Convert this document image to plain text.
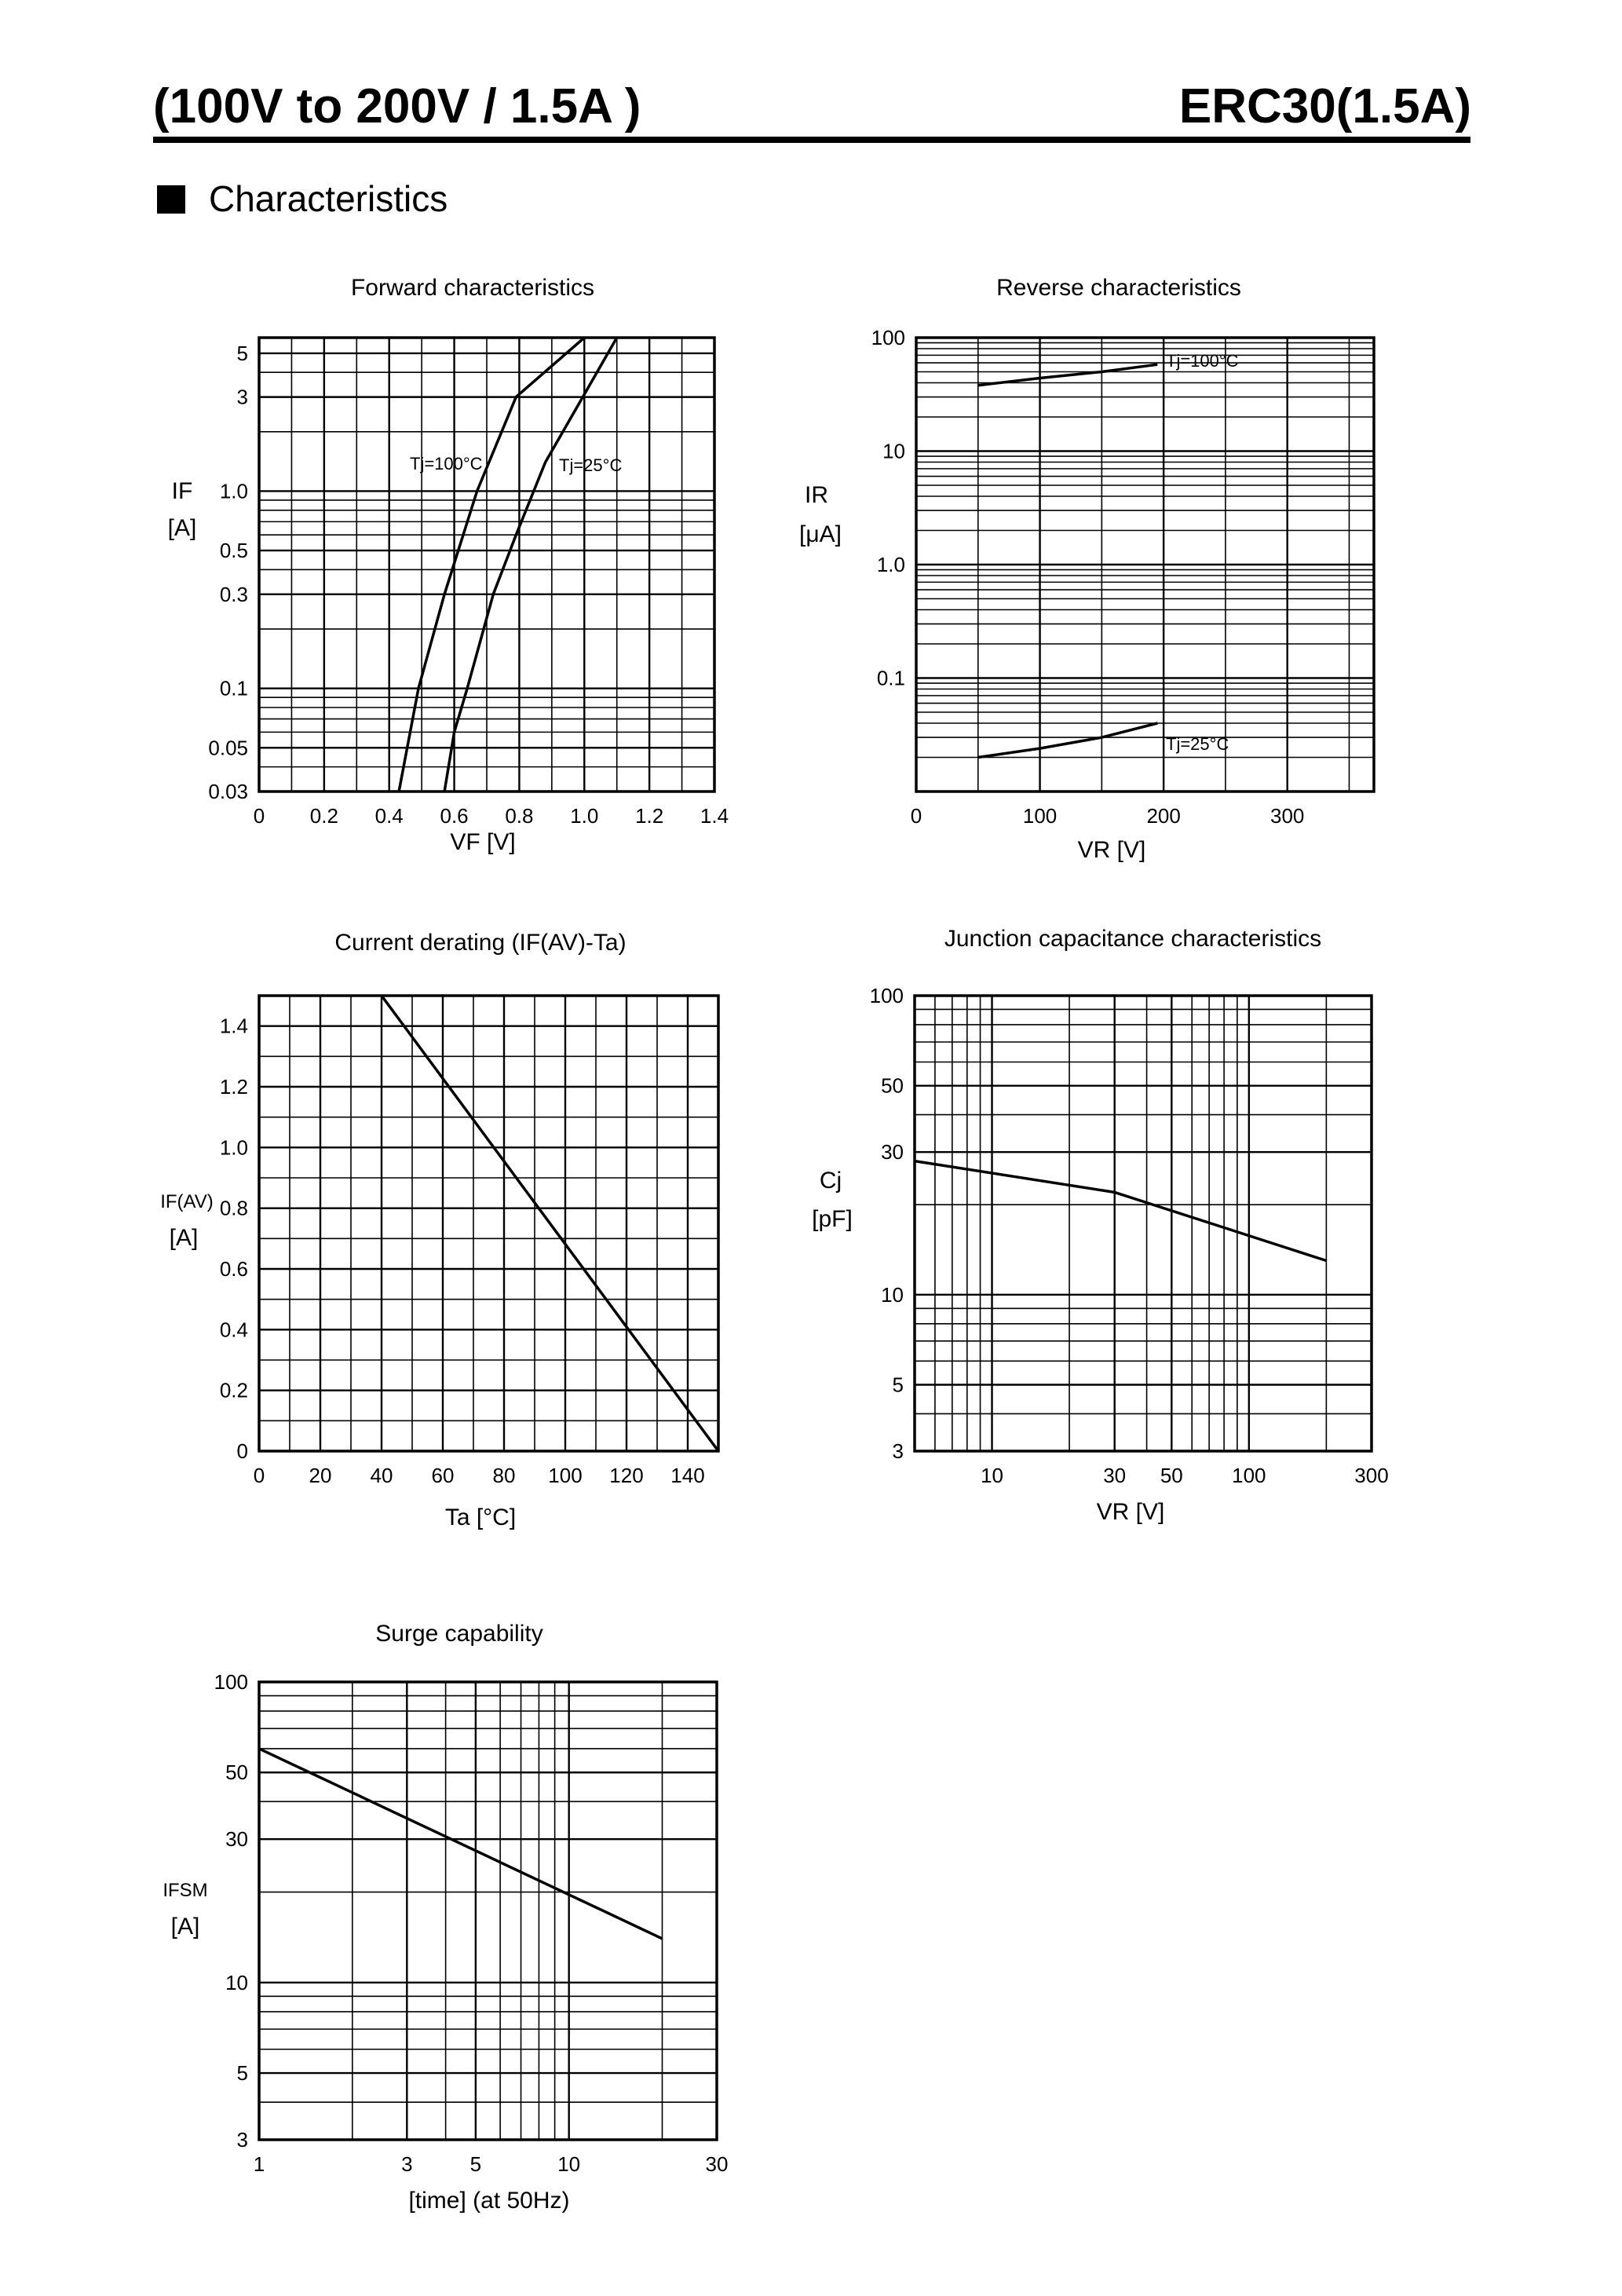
(100V to 200V / 1.5A )	ERC30(1.5A)
Characteristics
Forward characteristics
0 0.2 0.4 0.6 0.8 1.0 1.2 1.4
0.03
0.05
0.1
0.3
0.5
1.0
3
5
IF
[A]
VF [V]
Tj=100°C	Tj=25°C
Reverse characteristics
0	100	200	300
100
10
1.0
0.1
IR
[μA]
VR [V]
Tj=100°C
Tj=25°C
Current derating (IF(AV)-Ta)
0 20 40 60 80 100 120 140
0
0.2
0.4
0.6
0.8
1.0
1.2
1.4
IF(AV)
[A]
Ta [°C]
Junction capacitance characteristics
10	30 50 100	300
100
50
30
10
5
3
Cj
[pF]
VR [V]
Surge capability
1	3	5	10	30
100
50
30
10
5
3
IFSM
[A]
[time] (at 50Hz)
